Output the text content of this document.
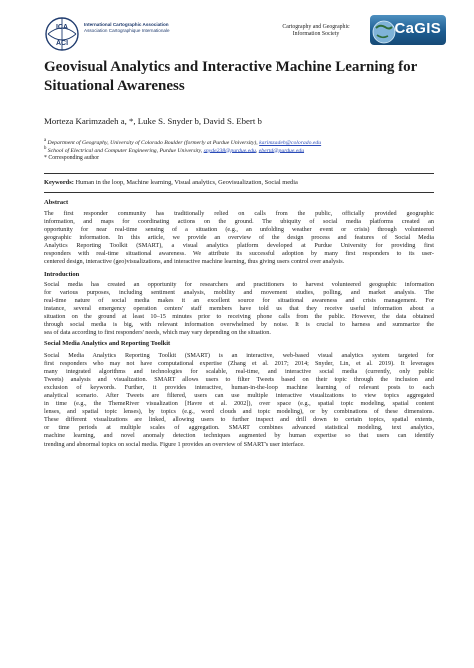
ICA
ACI
International Cartographic Association
Association Cartographique Internationale
Cartography and Geographic
Information Society	CaGIS
Geovisual Analytics and Interactive Machine Learning for Situational Awareness
Morteza Karimzadeh a, *, Luke S. Snyder b, David S. Ebert b
$^a$ Department of Geography, University of Colorado Boulder (formerly at Purdue University), karimzadeh@colorado.edu
$^b$ School of Electrical and Computer Engineering, Purdue University, snyde238@purdue.edu, ebertd@purdue.edu
* Corresponding author
Keywords: Human in the loop, Machine learning, Visual analytics, Geovisualization, Social media
Abstract
The first responder community has traditionally relied on calls from the public, officially provided geographic
information, and maps for coordinating actions on the ground. The ubiquity of social media platforms created an
opportunity for near real-time sensing of a situation (e.g., an unfolding weather event or crisis) through volunteered
geographic information. In this article, we provide an overview of the design process and features of Social Media
Analytics Reporting Toolkit (SMART), a visual analytics platform developed at Purdue University for providing first
responders with real-time situational awareness. We attribute its successful adoption by many first responders to its user-
centered design, interactive (geo)visualizations, and interactive machine learning, thus giving users control over analysis.
Introduction
Social media has created an opportunity for researchers and practitioners to harvest volunteered geographic information
for various purposes, including sentiment analysis, mobility and movement studies, polling, and market analysis. The
real-time nature of social media makes it an excellent source for situational awareness and crisis management. For
instance, several emergency operation centers' staff members have told us that they receive useful information about a
situation on the ground at least 10–15 minutes prior to receiving phone calls from the public. However, the data obtained
through social media is big, with relevant information overwhelmed by noise. It is crucial to harness and summarize the
sea of data according to first responders' needs, which may vary depending on the situation.
Social Media Analytics and Reporting Toolkit
Social Media Analytics Reporting Toolkit (SMART) is an interactive, web-based visual analytics system targeted for
first responders who may not have computational expertise (Zhang et al. 2017; 2014; Snyder, Lin, et al. 2019). It leverages
many integrated algorithms and technologies for scalable, real-time, and interactive social media (currently, only public
Tweets) analysis and visualization. SMART allows users to filter Tweets based on their topic through the inclusion and
exclusion of keywords. Further, it provides interactive, human-in-the-loop machine learning of relevant posts to each
analytical scenario. After Tweets are filtered, users can use multiple interactive visualizations to view topics aggregated
in time (e.g., the ThemeRiver visualization [Havre et al. 2002]), over space (e.g., spatial topic modeling, spatial content
lenses, and spatial topic lenses), by topics (e.g., word clouds and topic modeling), or by combinations of these dimensions.
These different visualizations are linked, allowing users to further inspect and drill down to certain topics, spatial extents,
or time periods at multiple scales of aggregation. SMART combines advanced statistical modeling, text analytics,
machine learning, and novel anomaly detection techniques augmented by human expertise so that users can identify
trending and abnormal topics on social media. Figure 1 provides an overview of SMART's user interface.
